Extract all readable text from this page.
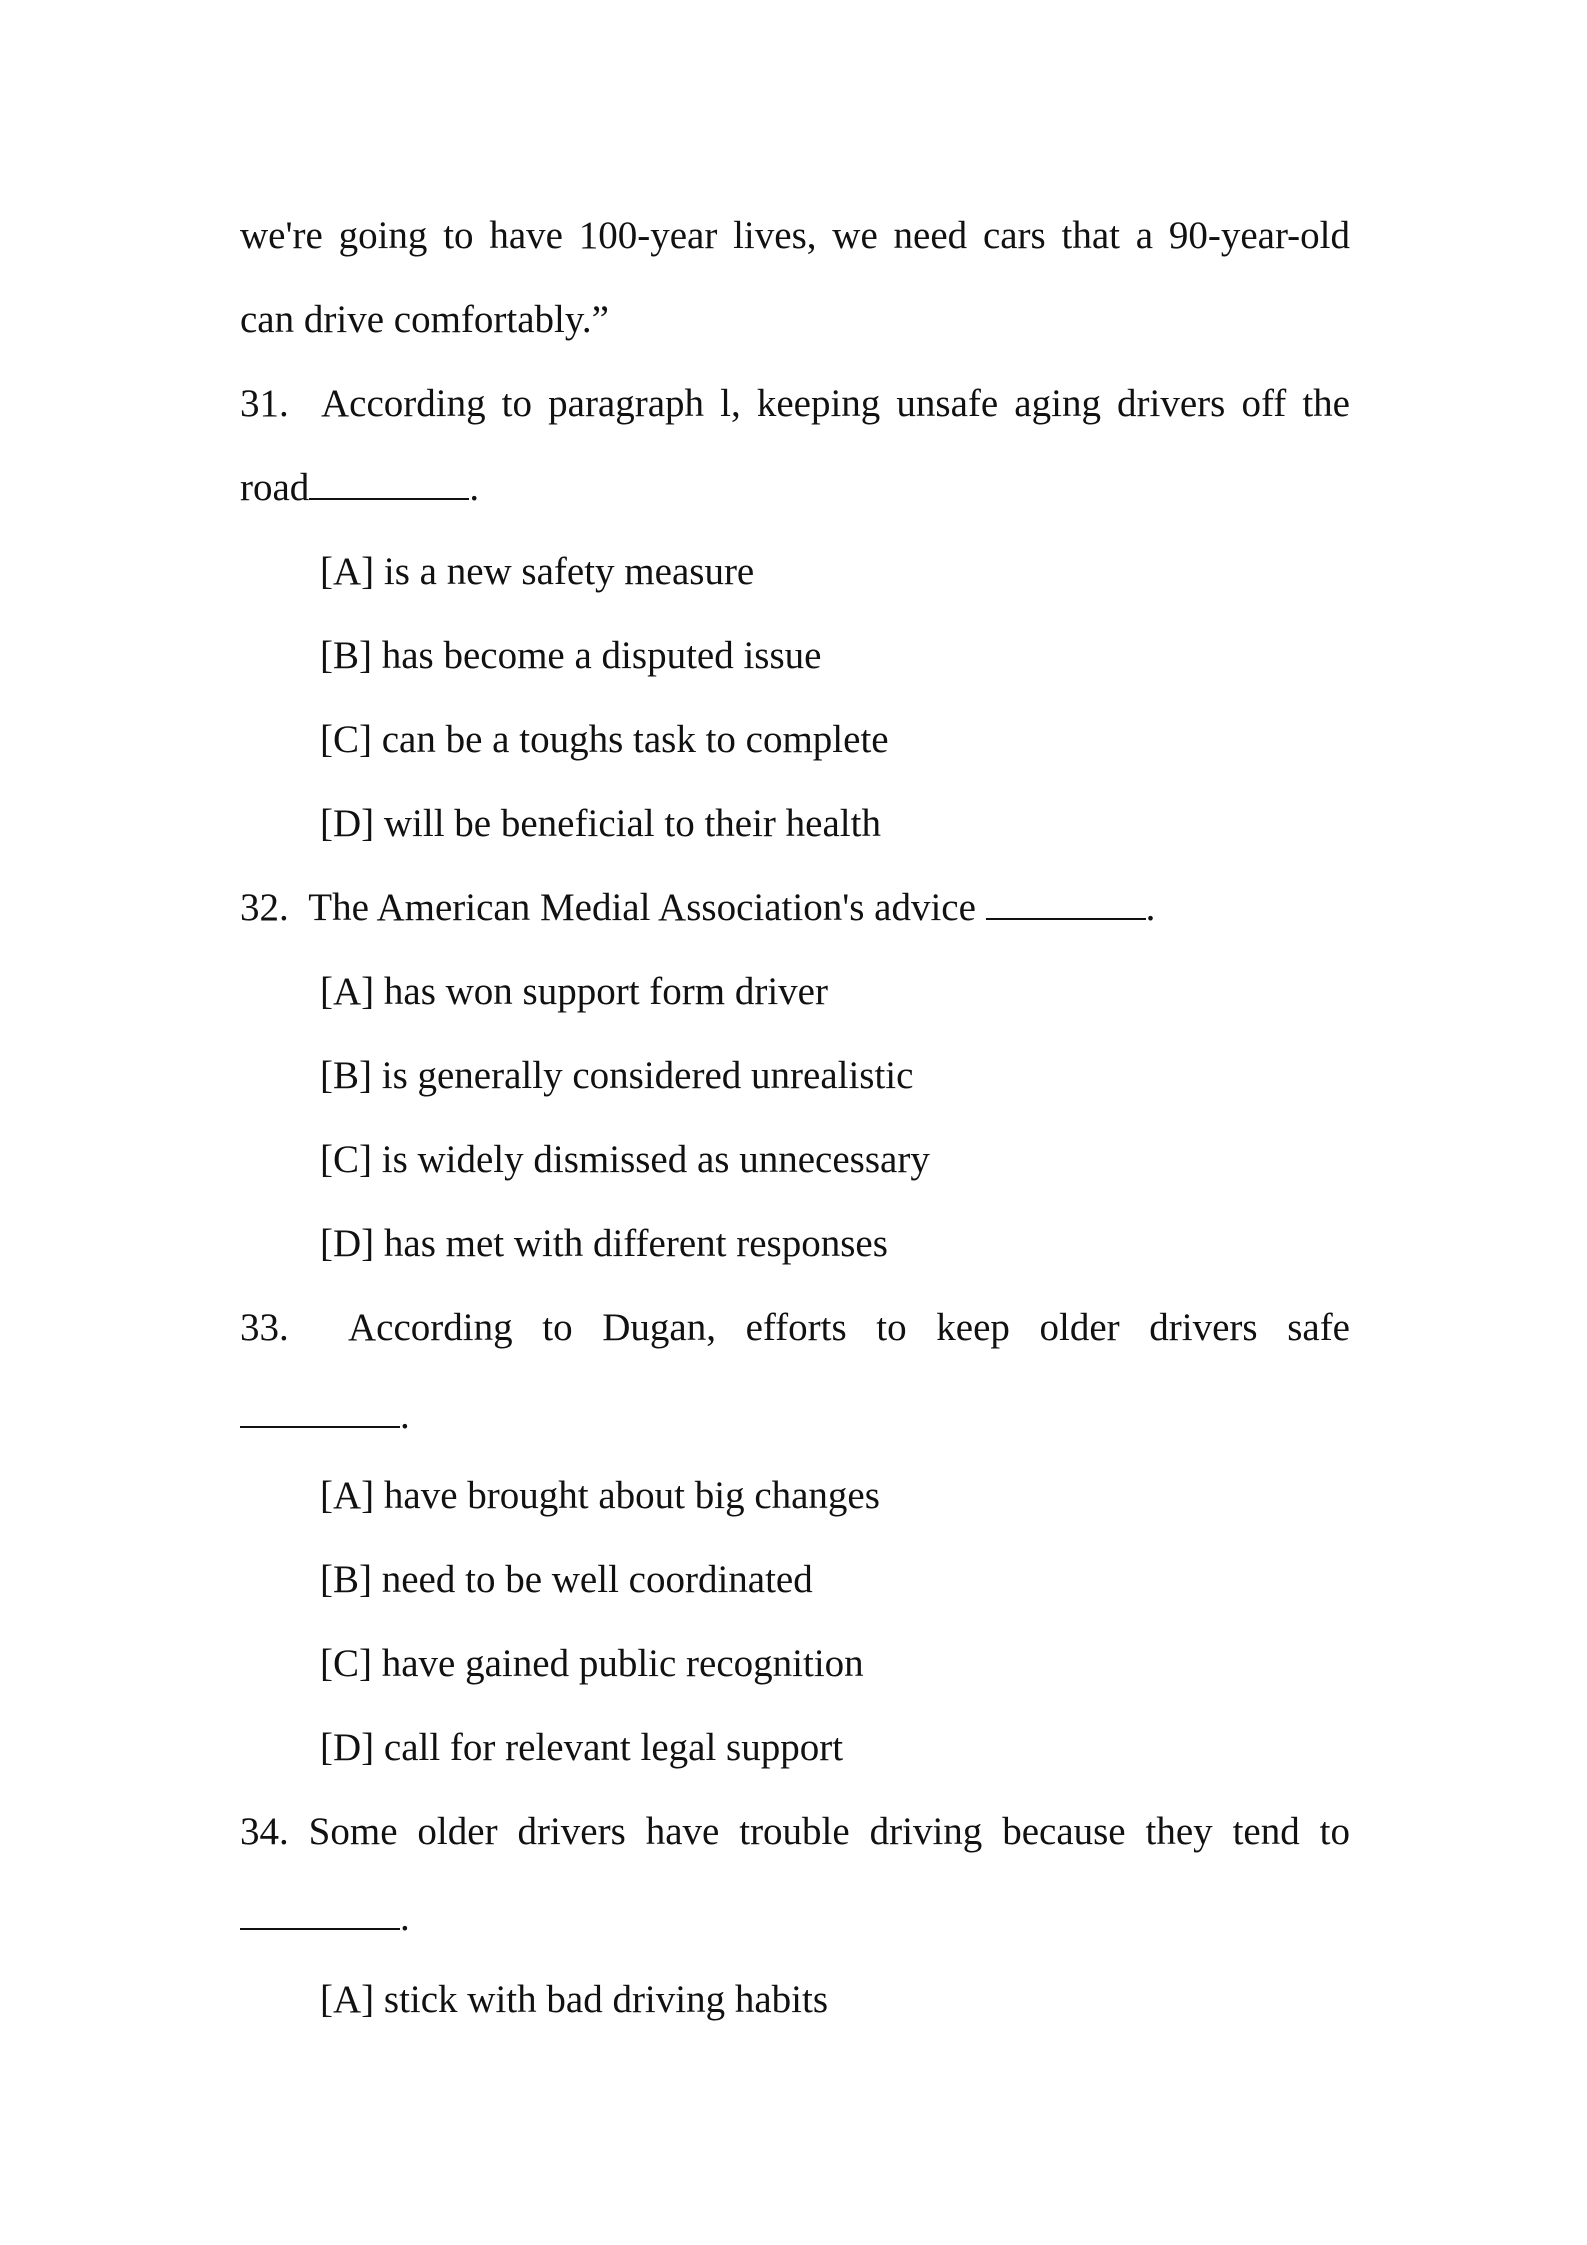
we're going to have 100-year lives, we need cars that a 90-year-old
can drive comfortably.”
31. According to paragraph l, keeping unsafe aging drivers off the
road	.
[A] is a new safety measure
[B] has become a disputed issue
[C] can be a toughs task to complete
[D] will be beneficial to their health
32. The American Medial Association's advice	.
[A] has won support form driver
[B] is generally considered unrealistic
[C] is widely dismissed as unnecessary
[D] has met with different responses
33. According to Dugan, efforts to keep older drivers safe
.
[A] have brought about big changes
[B] need to be well coordinated
[C] have gained public recognition
[D] call for relevant legal support
34. Some older drivers have trouble driving because they tend to
.
[A] stick with bad driving habits
